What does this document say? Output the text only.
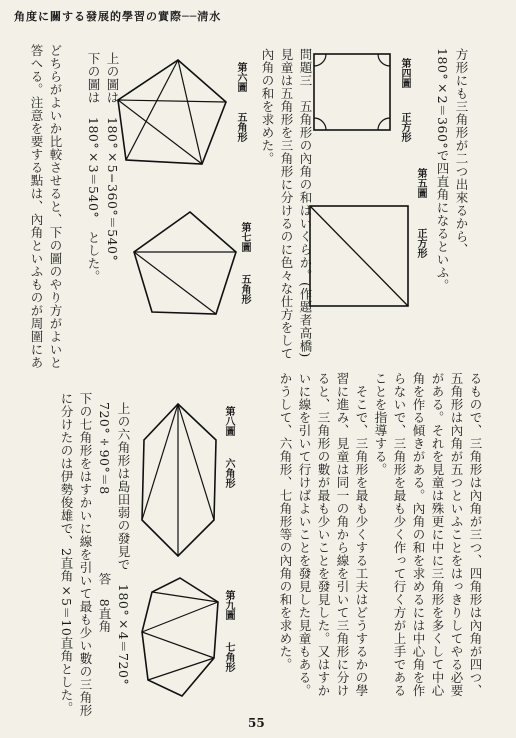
角度に關する發展的學習の實際──淸水
方形にも三角形が二つ出來るから、
180°×2＝360°で四直角になるといふ。
第四圖
正方形
第五圖
正方形
問題三　五角形の內角の和はいくらか。(作題者高橋)
見童は五角形を三角形に分けるのに色々な仕方をして
內角の和を求めた。
第六圖
五角形
第七圖
五角形
上の圖は　180°×5−360°＝540°
下の圖は　180°×3＝540°　とした。
どちらがよいか比較させると、下の圖のやり方がよいと
答へる。注意を要する點は、內角といふものが周圍にあ
るもので、三角形は內角が三つ、四角形は內角が四つ、
五角形は內角が五つといふことをはっきりしてやる必要
がある。それを見童は殊更に中に三角形を多くして中心
角を作る傾きがある。內角の和を求めるには中心角を作
らないで、三角形を最も少く作って行く方が上手である
ことを指導する。
　そこで、三角形を最も少くする工夫はどうするかの學
習に進み、見童は同一の角から線を引いて三角形に分け
ると、三角形の數が最も少いことを發見した。又はすか
いに線を引いて行けばよいことを發見した見童もある。
かうして、六角形、七角形等の內角の和を求めた。
第八圖
六角形
第九圖
七角形
上の六角形は島田弱の發見で　180°×4＝720°
720°÷90°＝8　　　　　　答　8直角
下の七角形をはすかいに線を引いて最も少い數の三角形
に分けたのは伊勢俊雄で、2直角×5＝10直角とした。
55
